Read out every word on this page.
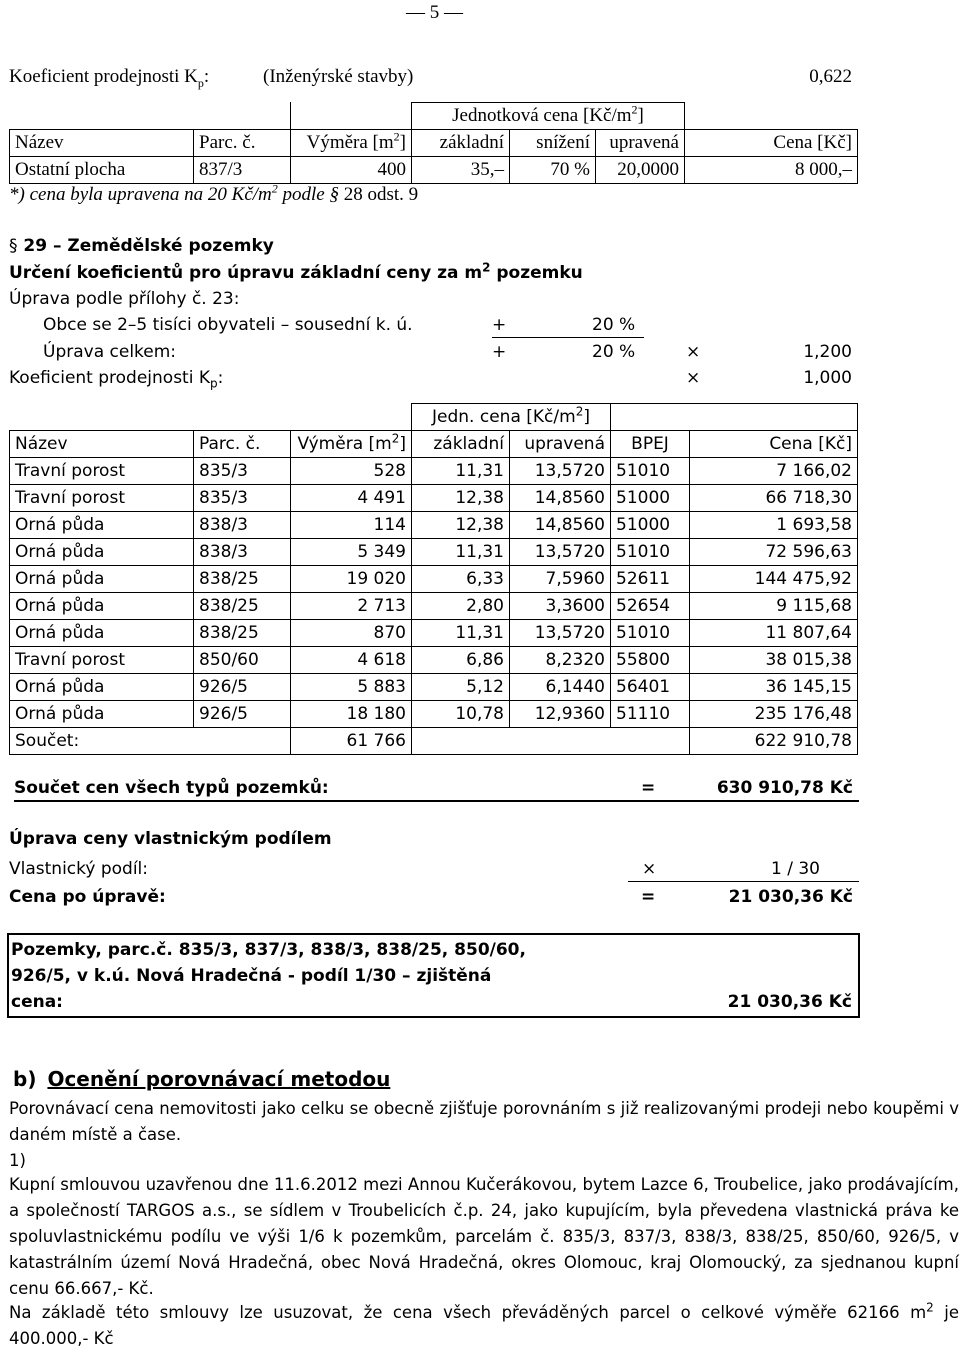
— 5 —
Koeficient prodejnosti $K_p$:	(Inženýrské stavby)	0,622
			Jednotková cena $[Kč/m^2]$			
Název	Parc. č.	Výměra $[m^2]$	základní	snížení	upravená	Cena [Kč]
Ostatní plocha	837/3	400	35,–	70 %	20,0000	8 000,–
*) cena byla upravena na 20 $Kč/m^2$ podle § 28 odst. 9
§ 29 – Zemědělské pozemky
Určení koeficientů pro úpravu základní ceny za $m^2$ pozemku
Úprava podle přílohy č. 23:
Obce se 2–5 tisíci obyvateli – sousední k. ú.	+	20 %
Úprava celkem:	+	20 %	×	1,200
Koeficient prodejnosti $K_p$:	×	1,000
			Jedn. cena $[Kč/m^2]$			
Název	Parc. č.	Výměra $[m^2]$	základní	upravená	BPEJ	Cena [Kč]
Travní porost	835/3	528	11,31	13,5720	51010	7 166,02
Travní porost	835/3	4 491	12,38	14,8560	51000	66 718,30
Orná půda	838/3	114	12,38	14,8560	51000	1 693,58
Orná půda	838/3	5 349	11,31	13,5720	51010	72 596,63
Orná půda	838/25	19 020	6,33	7,5960	52611	144 475,92
Orná půda	838/25	2 713	2,80	3,3600	52654	9 115,68
Orná půda	838/25	870	11,31	13,5720	51010	11 807,64
Travní porost	850/60	4 618	6,86	8,2320	55800	38 015,38
Orná půda	926/5	5 883	5,12	6,1440	56401	36 145,15
Orná půda	926/5	18 180	10,78	12,9360	51110	235 176,48
Součet:		61 766				622 910,78
Součet cen všech typů pozemků:	=	630 910,78 Kč
Úprava ceny vlastnickým podílem
Vlastnický podíl:	×	1 / 30
Cena po úpravě:	=	21 030,36 Kč
Pozemky, parc.č. 835/3, 837/3, 838/3, 838/25, 850/60,
926/5, v k.ú. Nová Hradečná - podíl 1/30 – zjištěná
cena:	21 030,36 Kč
b) Ocenění porovnávací metodou
Porovnávací cena nemovitosti jako celku se obecně zjišťuje porovnáním s již realizovanými prodeji nebo koupěmi v daném místě a čase.
1)
Kupní smlouvou uzavřenou dne 11.6.2012 mezi Annou Kučerákovou, bytem Lazce 6, Troubelice, jako prodávajícím, a společností TARGOS a.s., se sídlem v Troubelicích č.p. 24, jako kupujícím, byla převedena vlastnická práva ke spoluvlastnickému podílu ve výši 1/6 k pozemkům, parcelám č. 835/3, 837/3, 838/3, 838/25, 850/60, 926/5, v katastrálním území Nová Hradečná, obec Nová Hradečná, okres Olomouc, kraj Olomoucký, za sjednanou kupní cenu 66.667,- Kč.
Na základě této smlouvy lze usuzovat, že cena všech převáděných parcel o celkové výměře 62166 $m^2$ je 400.000,- Kč
